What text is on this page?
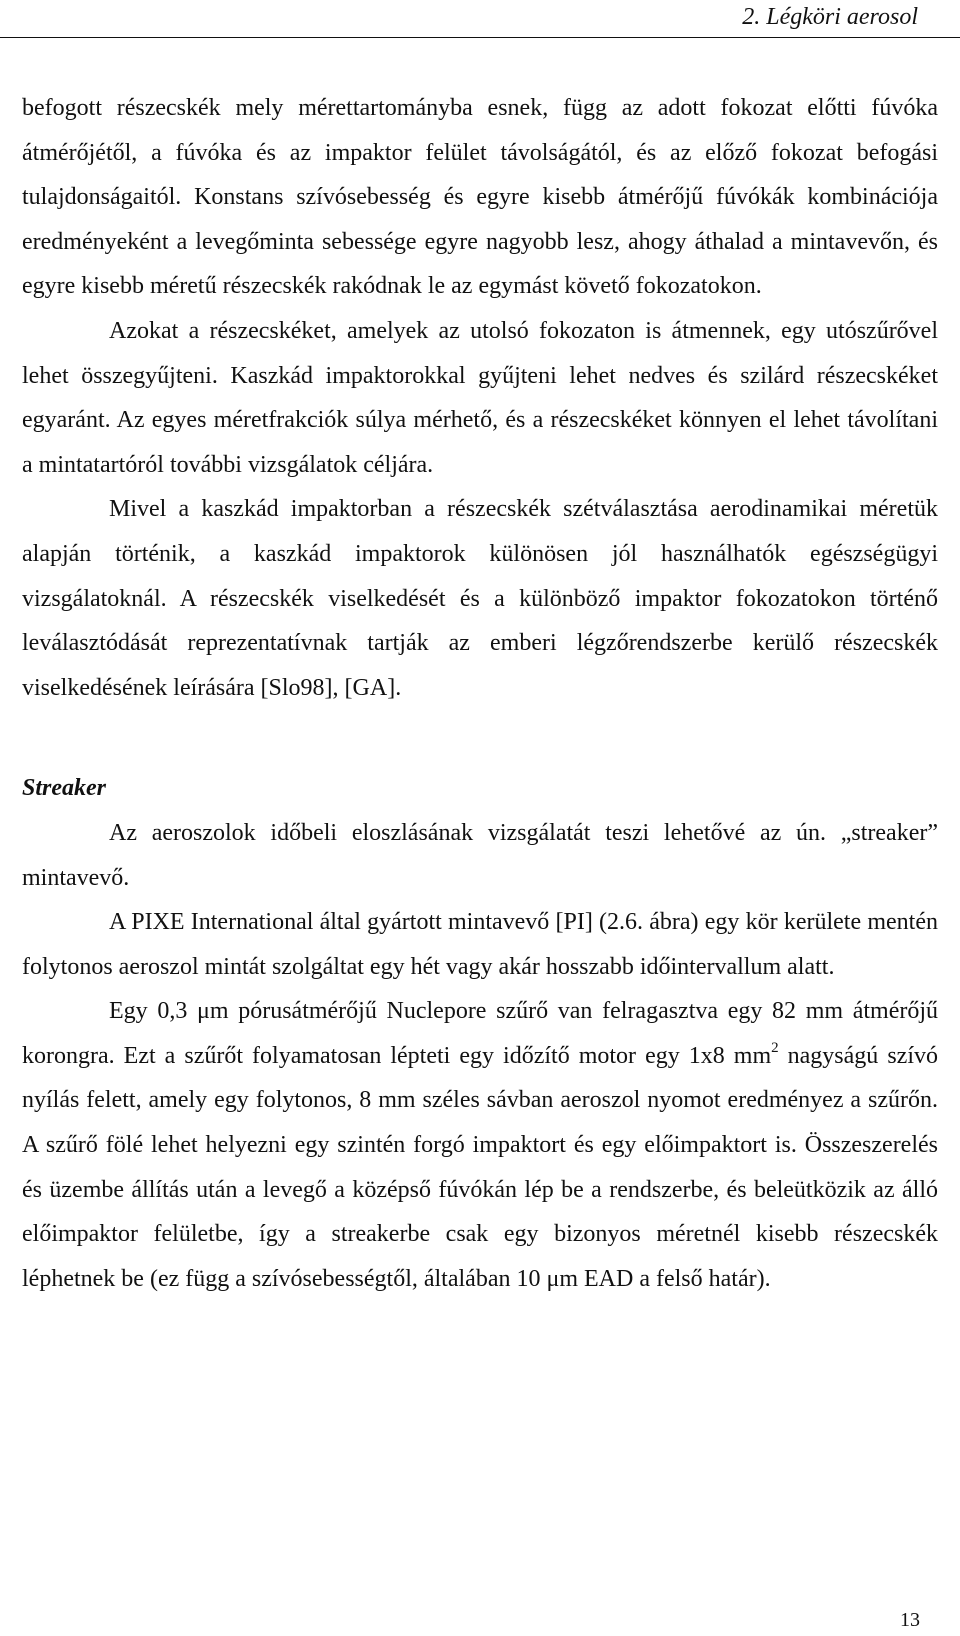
2. Légköri aerosol

befogott részecskék mely mérettartományba esnek, függ az adott fokozat előtti fúvóka átmérőjétől, a fúvóka és az impaktor felület távolságától, és az előző fokozat befogási tulajdonságaitól. Konstans szívósebesség és egyre kisebb átmérőjű fúvókák kombinációja eredményeként a levegőminta sebessége egyre nagyobb lesz, ahogy áthalad a mintavevőn, és egyre kisebb méretű részecskék rakódnak le az egymást követő fokozatokon.

Azokat a részecskéket, amelyek az utolsó fokozaton is átmennek, egy utószűrővel lehet összegyűjteni. Kaszkád impaktorokkal gyűjteni lehet nedves és szilárd részecskéket egyaránt. Az egyes méretfrakciók súlya mérhető, és a részecskéket könnyen el lehet távolítani a mintatartóról további vizsgálatok céljára.

Mivel a kaszkád impaktorban a részecskék szétválasztása aerodinamikai méretük alapján történik, a kaszkád impaktorok különösen jól használhatók egészségügyi vizsgálatoknál. A részecskék viselkedését és a különböző impaktor fokozatokon történő leválasztódását reprezentatívnak tartják az emberi légzőrendszerbe kerülő részecskék viselkedésének leírására [Slo98], [GA].

Streaker

Az aeroszolok időbeli eloszlásának vizsgálatát teszi lehetővé az ún. „streaker” mintavevő.

A PIXE International által gyártott mintavevő [PI] (2.6. ábra) egy kör kerülete mentén folytonos aeroszol mintát szolgáltat egy hét vagy akár hosszabb időintervallum alatt.

Egy 0,3 μm pórusátmérőjű Nuclepore szűrő van felragasztva egy 82 mm átmérőjű korongra. Ezt a szűrőt folyamatosan lépteti egy időzítő motor egy 1x8 $mm^2$ nagyságú szívó nyílás felett, amely egy folytonos, 8 mm széles sávban aeroszol nyomot eredményez a szűrőn. A szűrő fölé lehet helyezni egy szintén forgó impaktort és egy előimpaktort is. Összeszerelés és üzembe állítás után a levegő a középső fúvókán lép be a rendszerbe, és beleütközik az álló előimpaktor felületbe, így a streakerbe csak egy bizonyos méretnél kisebb részecskék léphetnek be (ez függ a szívósebességtől, általában 10 μm EAD a felső határ).

13
